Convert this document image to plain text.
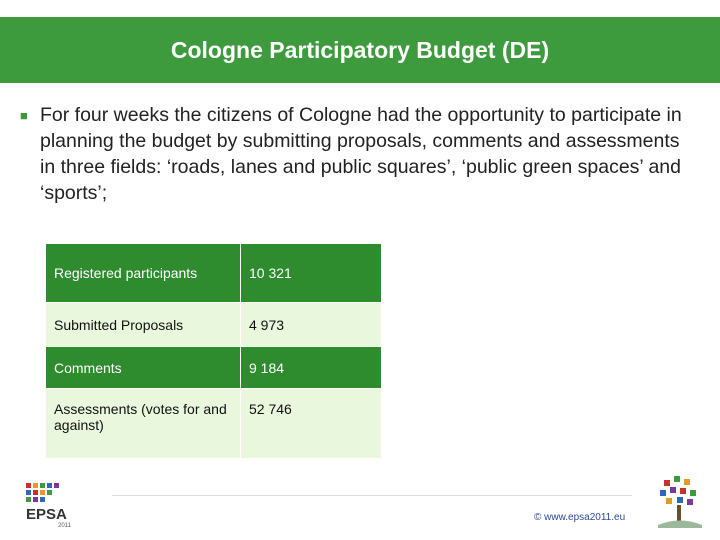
Cologne Participatory Budget (DE)
■ For four weeks the citizens of Cologne had the opportunity to participate in planning the budget by submitting proposals, comments and assessments in three fields: ‘roads, lanes and public squares’, ‘public green spaces’ and ‘sports’;
Registered participants	10 321
Submitted Proposals	4 973
Comments	9 184
Assessments (votes for and against)	52 746
EPSA
2011
© www.epsa2011.eu
